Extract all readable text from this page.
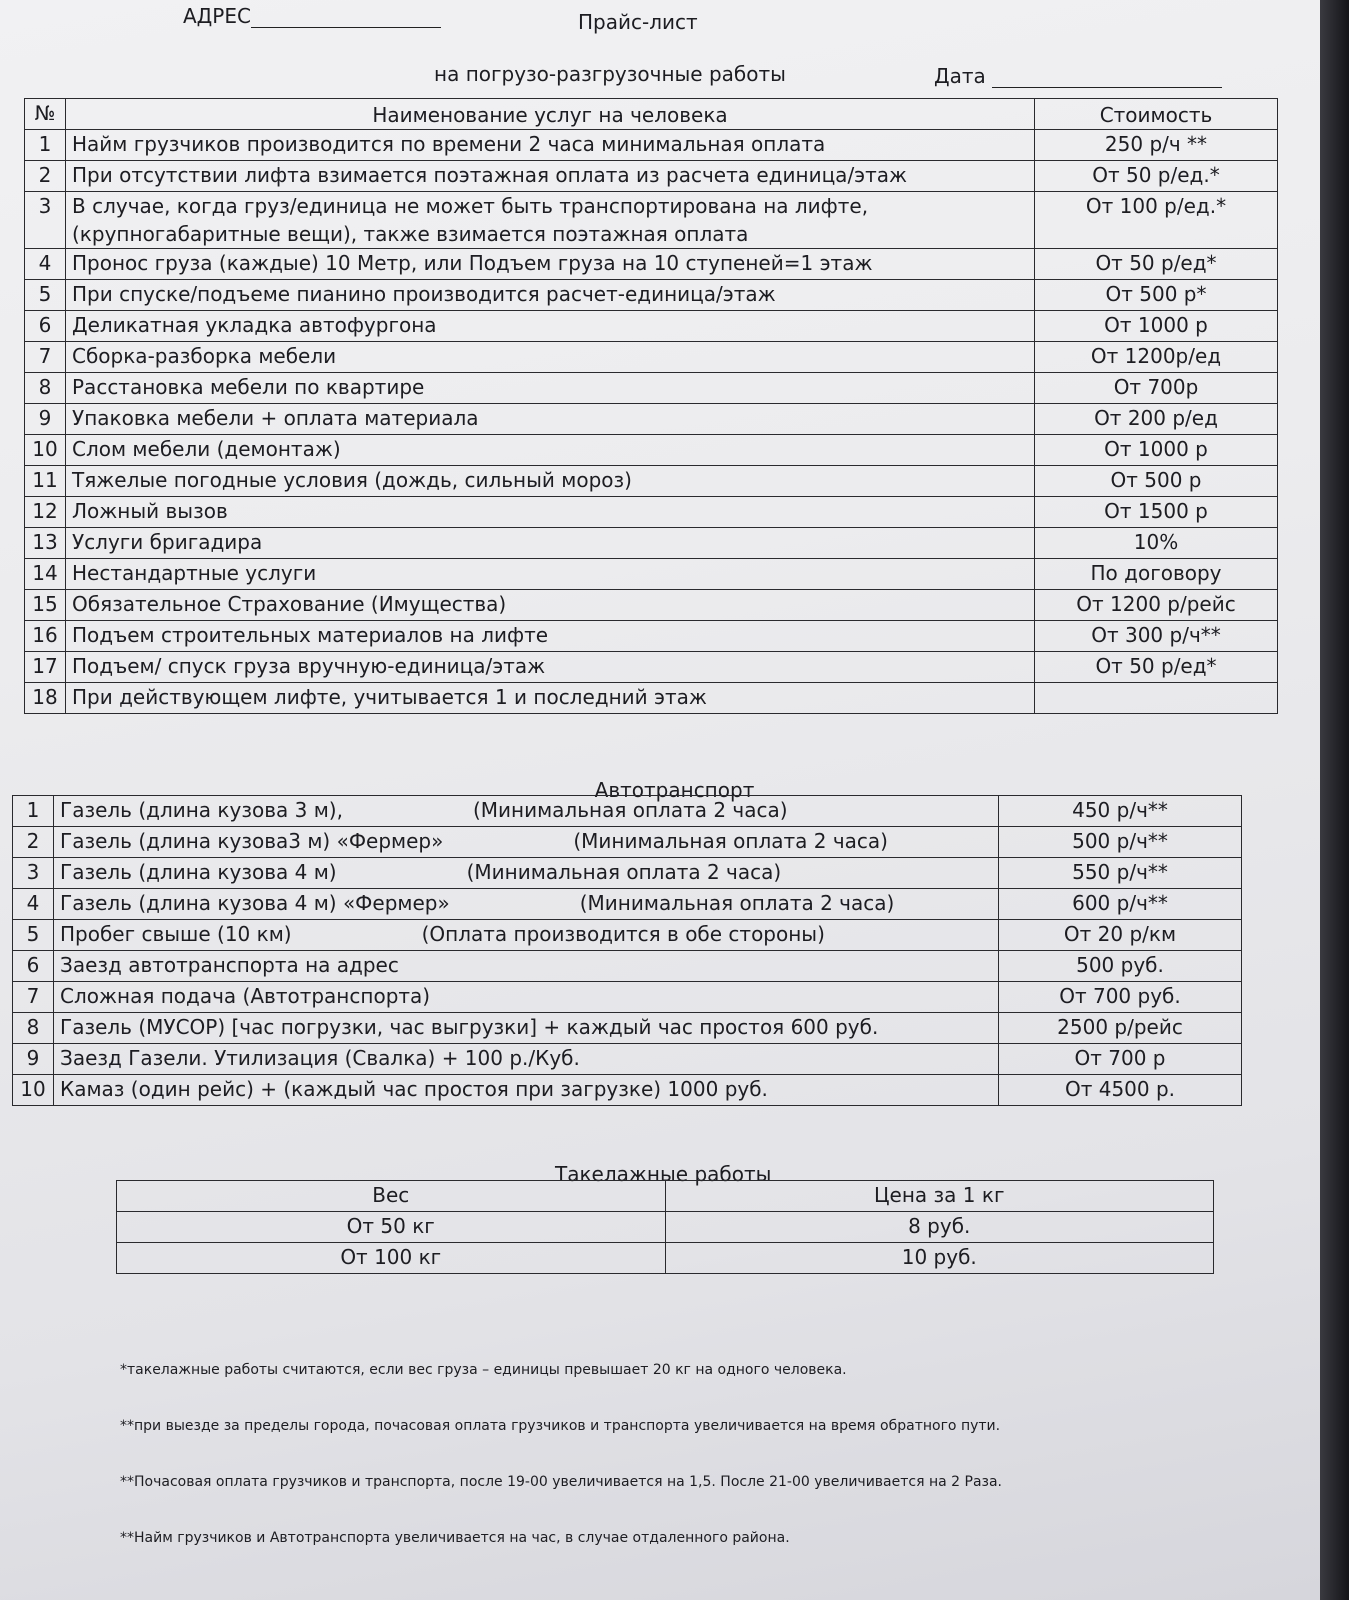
АДРЕС	Прайс-лист
на погрузо-разгрузочные работы	Дата
№	Наименование услуг на человека	Стоимость
1	Найм грузчиков производится по времени 2 часа минимальная оплата	250 р/ч **
2	При отсутствии лифта взимается поэтажная оплата из расчета единица/этаж	От 50 р/ед.*
3	В случае, когда груз/единица не может быть транспортирована на лифте,(крупногабаритные вещи), также взимается поэтажная оплата	От 100 р/ед.*
4	Пронос груза (каждые) 10 Метр, или Подъем груза на 10 ступеней=1 этаж	От 50 р/ед*
5	При спуске/подъеме пианино производится расчет-единица/этаж	От 500 р*
6	Деликатная укладка автофургона	От 1000 р
7	Сборка-разборка мебели	От 1200р/ед
8	Расстановка мебели по квартире	От 700р
9	Упаковка мебели + оплата материала	От 200 р/ед
10	Слом мебели (демонтаж)	От 1000 р
11	Тяжелые погодные условия (дождь, сильный мороз)	От 500 р
12	Ложный вызов	От 1500 р
13	Услуги бригадира	10%
14	Нестандартные услуги	По договору
15	Обязательное Страхование (Имущества)	От 1200 р/рейс
16	Подъем строительных материалов на лифте	От 300 р/ч**
17	Подъем/ спуск груза вручную-единица/этаж	От 50 р/ед*
18	При действующем лифте, учитывается 1 и последний этаж	
Автотранспорт
1	Газель (длина кузова 3 м), (Минимальная оплата 2 часа)	450 р/ч**
2	Газель (длина кузова3 м) «Фермер» (Минимальная оплата 2 часа)	500 р/ч**
3	Газель (длина кузова 4 м) (Минимальная оплата 2 часа)	550 р/ч**
4	Газель (длина кузова 4 м) «Фермер» (Минимальная оплата 2 часа)	600 р/ч**
5	Пробег свыше (10 км) (Оплата производится в обе стороны)	От 20 р/км
6	Заезд автотранспорта на адрес	500 руб.
7	Сложная подача (Автотранспорта)	От 700 руб.
8	Газель (МУСОР) [час погрузки, час выгрузки] + каждый час простоя 600 руб.	2500 р/рейс
9	Заезд Газели. Утилизация (Свалка) + 100 р./Куб.	От 700 р
10	Камаз (один рейс) + (каждый час простоя при загрузке) 1000 руб.	От 4500 р.
Такелажные работы
Вес	Цена за 1 кг
От 50 кг	8 руб.
От 100 кг	10 руб.

*такелажные работы считаются, если вес груза – единицы превышает 20 кг на одного человека.

**при выезде за пределы города, почасовая оплата грузчиков и транспорта увеличивается на время обратного пути.

**Почасовая оплата грузчиков и транспорта, после 19-00 увеличивается на 1,5. После 21-00 увеличивается на 2 Раза.

**Найм грузчиков и Автотранспорта увеличивается на час, в случае отдаленного района.
